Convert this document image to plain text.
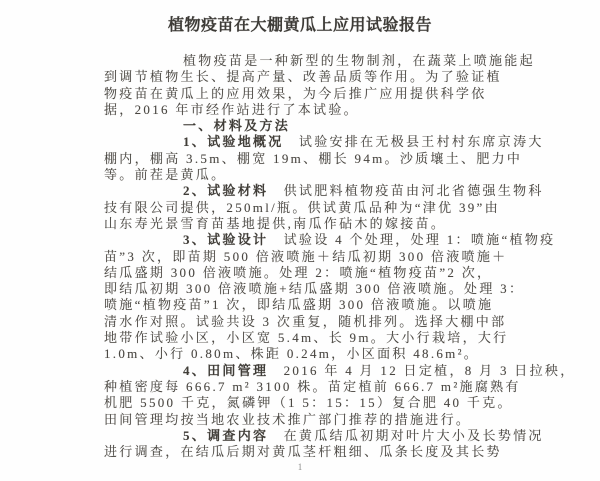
植物疫苗在大棚黄瓜上应用试验报告
植物疫苗是一种新型的生物制剂，在蔬菜上喷施能起
到调节植物生长、提高产量、改善品质等作用。为了验证植
物疫苗在黄瓜上的应用效果，为今后推广应用提供科学依
据，2016 年市经作站进行了本试验。
一、材料及方法
1、试验地概况　试验安排在无极县王村村东席京涛大
棚内，棚高 3.5m、棚宽 19m、棚长 94m。沙质壤土、肥力中
等。前茬是黄瓜。
2、试验材料　供试肥料植物疫苗由河北省德强生物科
技有限公司提供，250ml/瓶。供试黄瓜品种为“津优 39”由
山东寿光景雪育苗基地提供,南瓜作砧木的嫁接苗。
3、试验设计　试验设 4 个处理，处理 1：喷施“植物疫
苗”3 次，即苗期 500 倍液喷施＋结瓜初期 300 倍液喷施＋
结瓜盛期 300 倍液喷施。处理 2：喷施“植物疫苗”2 次，
即结瓜初期 300 倍液喷施+结瓜盛期 300 倍液喷施。处理 3：
喷施“植物疫苗”1 次，即结瓜盛期 300 倍液喷施。以喷施
清水作对照。试验共设 3 次重复，随机排列。选择大棚中部
地带作试验小区，小区宽 5.4m、长 9m。大小行栽培，大行
1.0m、小行 0.80m、株距 0.24m，小区面积 48.6m²。
4、田间管理　2016 年 4 月 12 日定植，8 月 3 日拉秧，
种植密度每 666.7 m² 3100 株。苗定植前 666.7 m²施腐熟有
机肥 5500 千克，氮磷钾（1 5：15：15）复合肥 40 千克。
田间管理均按当地农业技术推广部门推荐的措施进行。
5、调查内容　在黄瓜结瓜初期对叶片大小及长势情况
进行调查，在结瓜后期对黄瓜茎杆粗细、瓜条长度及其长势
1
